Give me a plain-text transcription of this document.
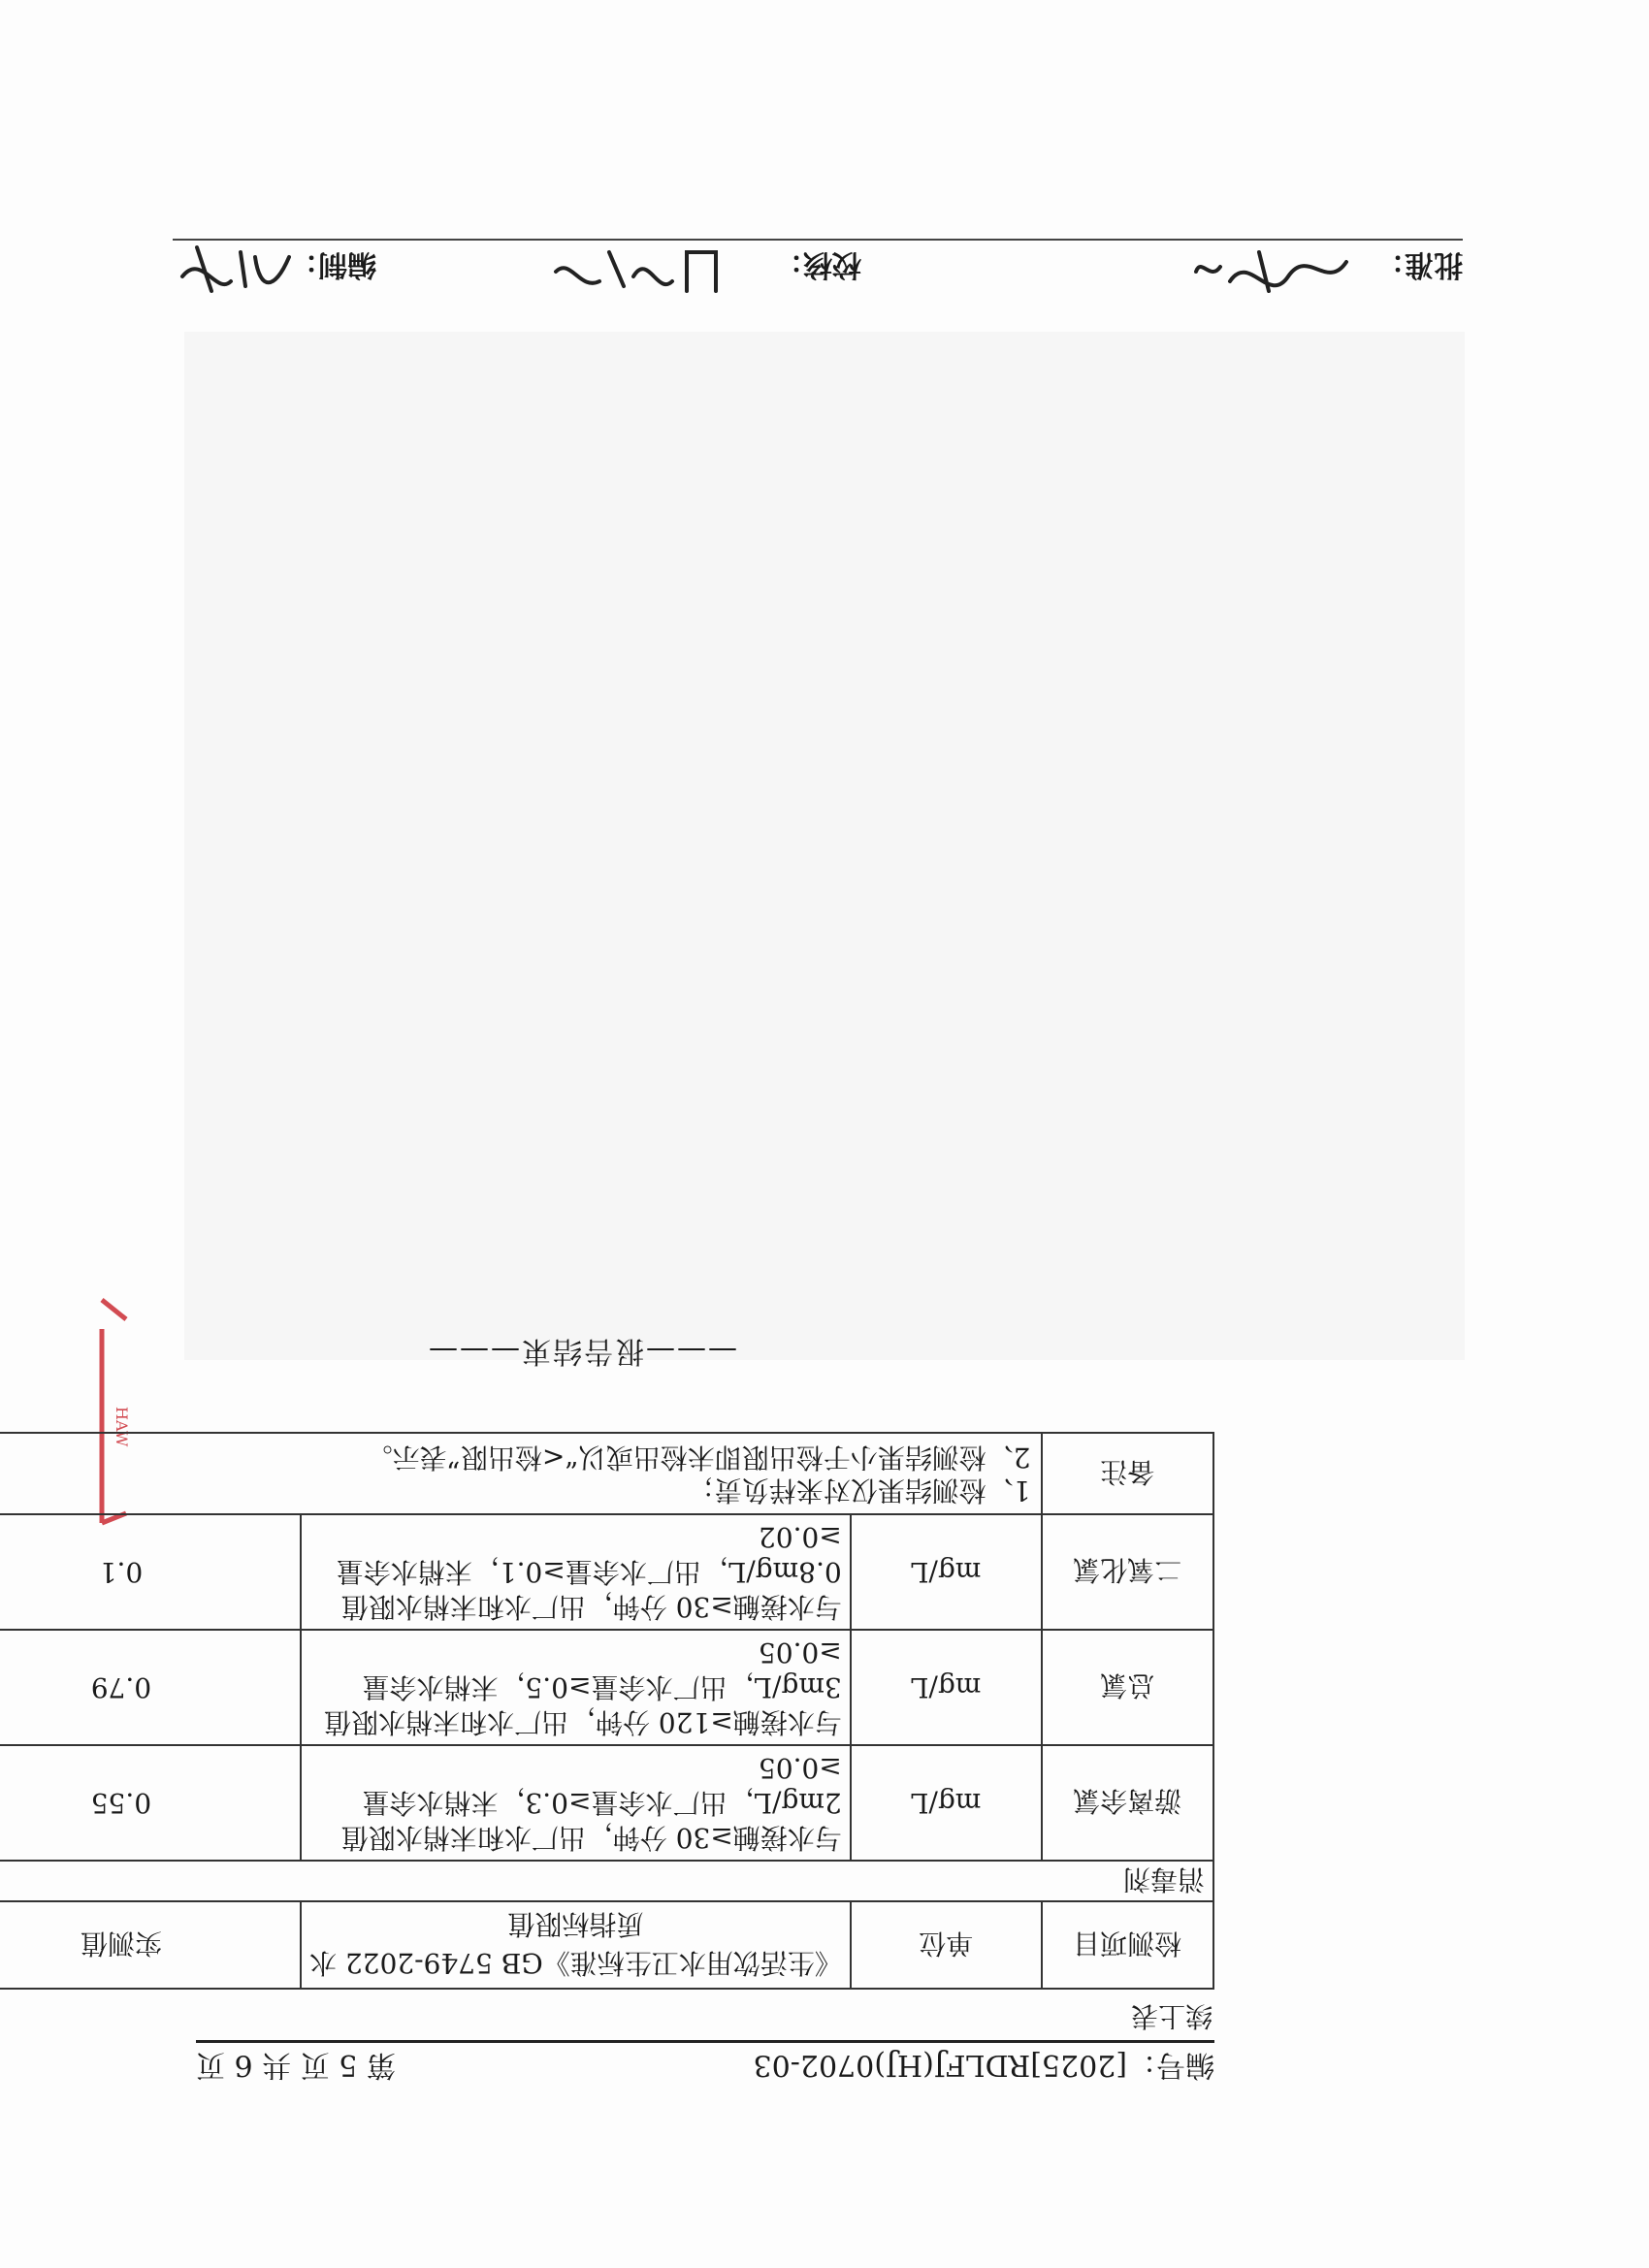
HAW
编号：[2025]RDLFJ(HJ)0702-03
第 5 页 共 6 页
续上表
检测项目	单位	《生活饮用水卫生标准》GB 5749-2022 水质指标限值	实测值
消毒剂			
游离余氯	mg/L	与水接触≥30 分钟，出厂水和末梢水限值2mg/L，出厂水余量≥0.3，末梢水余量≥0.05	0.55
总氯	mg/L	与水接触≥120 分钟，出厂水和末梢水限值3mg/L，出厂水余量≥0.5，末梢水余量≥0.05	0.79
二氧化氯	mg/L	与水接触≥30 分钟，出厂水和末梢水限值0.8mg/L，出厂水余量≥0.1，末梢水余量≥0.02	0.1
备注	1、检测结果仅对来样负责；
2、检测结果小于检出限即未检出或以“<检出限”表示。		
———报告结束———
批准：
校核：
编制：
